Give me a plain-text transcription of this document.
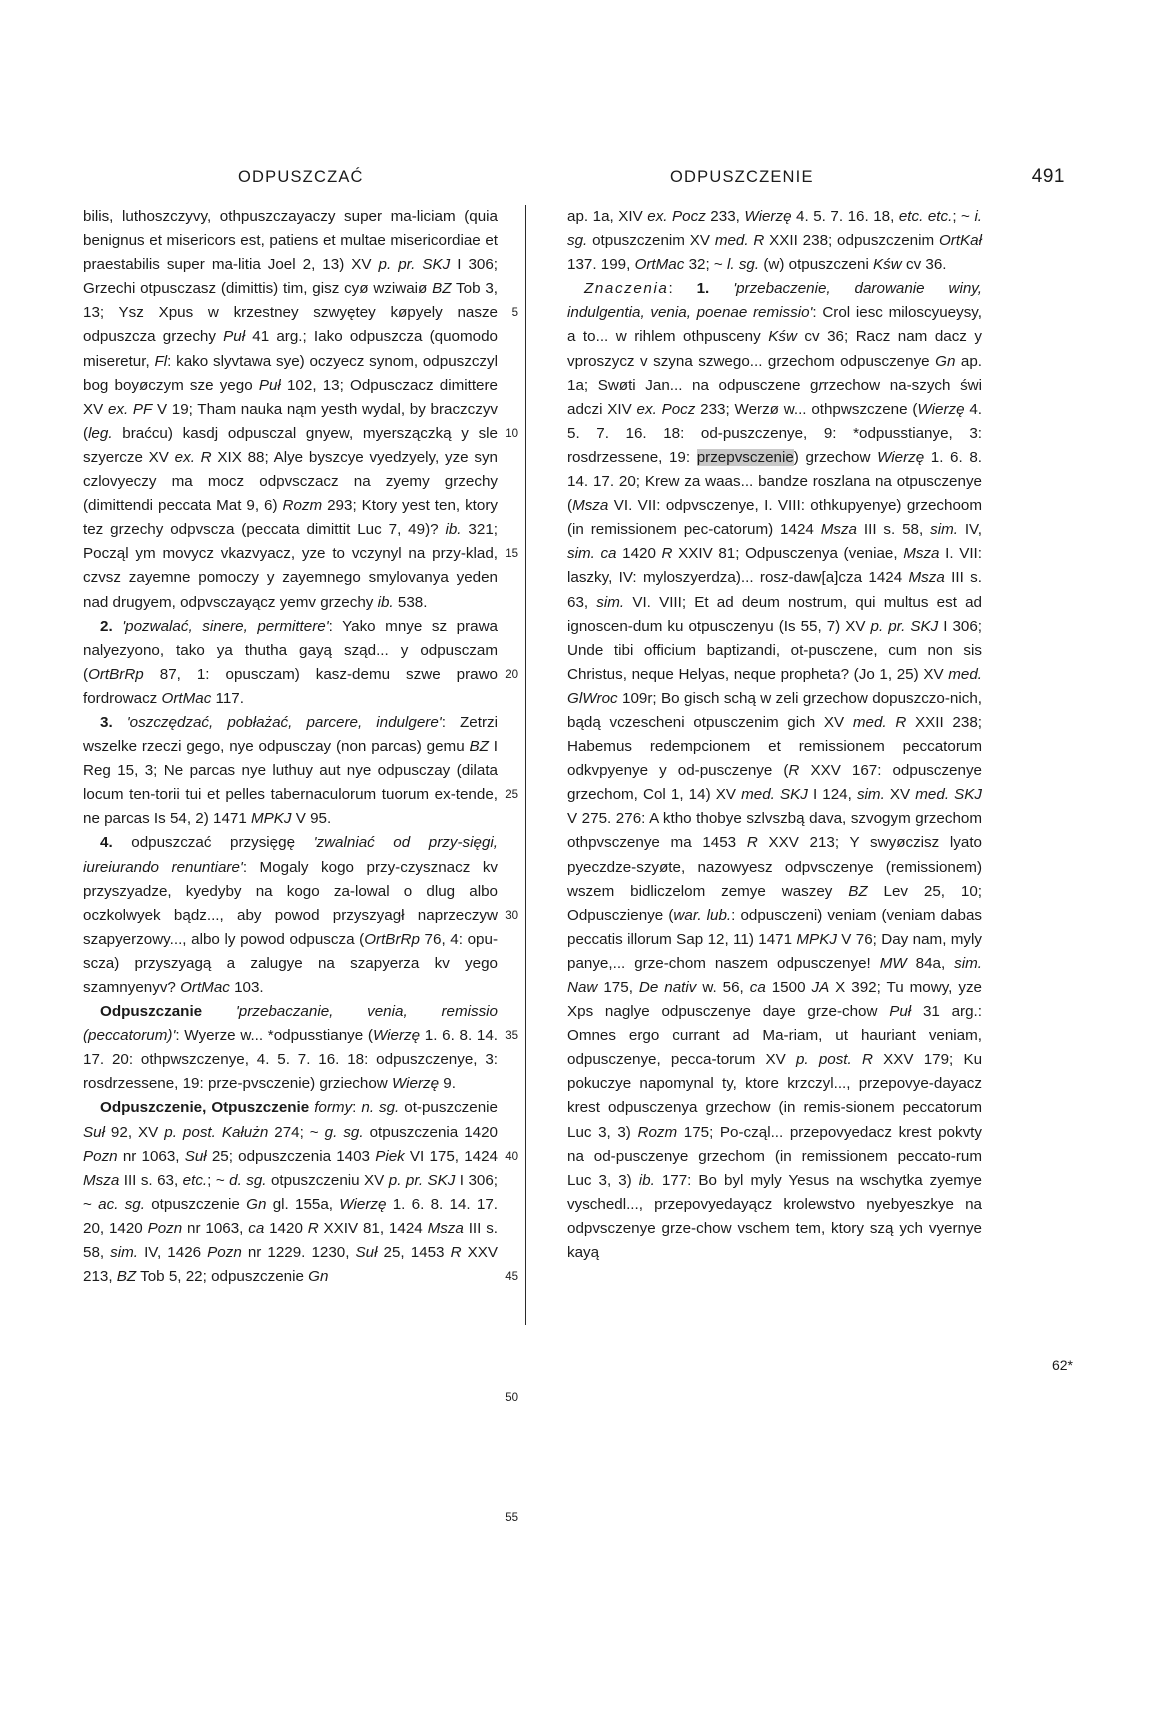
ODPUSZCZAĆ	ODPUSZCZENIE	491
5
10
15
20
25
30
35
40
45
50
55

bilis, luthoszczyvy, othpuszczayaczy super ma-liciam (quia benignus et misericors est, patiens et multae misericordiae et praestabilis super ma-litia Joel 2, 13) XV p. pr. SKJ I 306; Grzechi otpusczasz (dimittis) tim, gisz cyø wziwaiø BZ Tob 3, 13; Ysz Xpus w krzestney szwyętey køpyely nasze odpuszcza grzechy Puł 41 arg.; Iako odpuszcza (quomodo miseretur, Fl: kako slyvtawa sye) oczyecz synom, odpuszczyl bog boyøczym sze yego Puł 102, 13; Odpusczacz dimittere XV ex. PF V 19; Tham nauka nąm yesth wydal, by braczczyv (leg. braćcu) kasdj odpusczal gnyew, myerszączką y sle szyercze XV ex. R XIX 88; Alye byszcye vyedzyely, yze syn czlovyeczy ma mocz odpvsczacz na zyemy grzechy (dimittendi peccata Mat 9, 6) Rozm 293; Ktory yest ten, ktory tez grzechy odpvscza (peccata dimittit Luc 7, 49)? ib. 321; Począl ym movycz vkazvyacz, yze to vczynyl na przy-klad, czvsz zayemne pomoczy y zayemnego smylovanya yeden nad drugyem, odpvsczayącz yemv grzechy ib. 538.

2. 'pozwalać, sinere, permittere': Yako mnye sz prawa nalyezyono, tako ya thutha gayą sząd... y odpusczam (OrtBrRp 87, 1: opusczam) kasz-demu szwe prawo fordrowacz OrtMac 117.

3. 'oszczędzać, pobłażać, parcere, indulgere': Zetrzi wszelke rzeczi gego, nye odpusczay (non parcas) gemu BZ I Reg 15, 3; Ne parcas nye luthuy aut nye odpusczay (dilata locum ten-torii tui et pelles tabernaculorum tuorum ex-tende, ne parcas Is 54, 2) 1471 MPKJ V 95.

4. odpuszczać przysięgę 'zwalniać od przy-sięgi, iureiurando renuntiare': Mogaly kogo przy-czysznacz kv przyszyadze, kyedyby na kogo za-lowal o dlug albo oczkolwyek bądz..., aby powod przyszyagł naprzeczyw szapyerzowy..., albo ly powod odpuscza (OrtBrRp 76, 4: opu-scza) przyszyagą a zalugye na szapyerza kv yego szamnyenyv? OrtMac 103.

Odpuszczanie 'przebaczanie, venia, remissio (peccatorum)': Wyerze w... *odpusstianye (Wierzę 1. 6. 8. 14. 17. 20: othpwszczenye, 4. 5. 7. 16. 18: odpuszczenye, 3: rosdrzessene, 19: prze-pvsczenie) grziechow Wierzę 9.

Odpuszczenie, Otpuszczenie formy: n. sg. ot-puszczenie Suł 92, XV p. post. Kałużn 274; ~ g. sg. otpuszczenia 1420 Pozn nr 1063, Suł 25; odpuszczenia 1403 Piek VI 175, 1424 Msza III s. 63, etc.; ~ d. sg. otpuszczeniu XV p. pr. SKJ I 306; ~ ac. sg. otpuszczenie Gn gl. 155a, Wierzę 1. 6. 8. 14. 17. 20, 1420 Pozn nr 1063, ca 1420 R XXIV 81, 1424 Msza III s. 58, sim. IV, 1426 Pozn nr 1229. 1230, Suł 25, 1453 R XXV 213, BZ Tob 5, 22; odpuszczenie Gn

ap. 1a, XIV ex. Pocz 233, Wierzę 4. 5. 7. 16. 18, etc. etc.; ~ i. sg. otpuszczenim XV med. R XXII 238; odpuszczenim OrtKał 137. 199, OrtMac 32; ~ l. sg. (w) otpuszczeni Kśw cv 36.

Znaczenia: 1. 'przebaczenie, darowanie winy, indulgentia, venia, poenae remissio': Crol iesc miloscyueysy, a to... w rihlem othpusceny Kśw cv 36; Racz nam dacz y vproszycz v szyna szwego... grzechom odpusczenye Gn ap. 1a; Swøti Jan... na odpusczene grrzechow na-szych świ adczi XIV ex. Pocz 233; Werzø w... othpwszczene (Wierzę 4. 5. 7. 16. 18: od-puszczenye, 9: *odpusstianye, 3: rosdrzessene, 19: przepvsczenie) grzechow Wierzę 1. 6. 8. 14. 17. 20; Krew za waas... bandze roszlana na otpusczenye (Msza VI. VII: odpvsczenye, I. VIII: othkupyenye) grzechoom (in remissionem pec-catorum) 1424 Msza III s. 58, sim. IV, sim. ca 1420 R XXIV 81; Odpusczenya (veniae, Msza I. VII: laszky, IV: myloszyerdza)... rosz-daw[a]cza 1424 Msza III s. 63, sim. VI. VIII; Et ad deum nostrum, qui multus est ad ignoscen-dum ku otpusczenyu (Is 55, 7) XV p. pr. SKJ I 306; Unde tibi officium baptizandi, ot-pusczene, cum non sis Christus, neque Helyas, neque propheta? (Jo 1, 25) XV med. GlWroc 109r; Bo gisch schą w zeli grzechow dopuszczo-nich, bądą vczescheni otpusczenim gich XV med. R XXII 238; Habemus redempcionem et remissionem peccatorum odkvpyenye y od-pusczenye (R XXV 167: odpusczenye grzechom, Col 1, 14) XV med. SKJ I 124, sim. XV med. SKJ V 275. 276: A ktho thobye szlvszbą dava, szvogym grzechom othpvsczenye ma 1453 R XXV 213; Y swyøczisz lyato pyeczdze-szyøte, nazowyesz odpvsczenye (remissionem) wszem bidliczelom zemye waszey BZ Lev 25, 10; Odpusczienye (war. lub.: odpusczeni) veniam (veniam dabas peccatis illorum Sap 12, 11) 1471 MPKJ V 76; Day nam, myly panye,... grze-chom naszem odpusczenye! MW 84a, sim. Naw 175, De nativ w. 56, ca 1500 JA X 392; Tu mowy, yze Xps naglye odpusczenye daye grze-chow Puł 31 arg.: Omnes ergo currant ad Ma-riam, ut hauriant veniam, odpusczenye, pecca-torum XV p. post. R XXV 179; Ku pokuczye napomynal ty, ktore krzczyl..., przepovye-dayacz krest odpusczenya grzechow (in remis-sionem peccatorum Luc 3, 3) Rozm 175; Po-cząl... przepovyedacz krest pokvty na od-pusczenye grzechom (in remissionem peccato-rum Luc 3, 3) ib. 177: Bo byl myly Yesus na wschytka zyemye vyschedl..., przepovyedayącz krolewstvo nyebyeszkye na odpvsczenye grze-chow vschem tem, ktory szą ych vyernye kayą

62*
